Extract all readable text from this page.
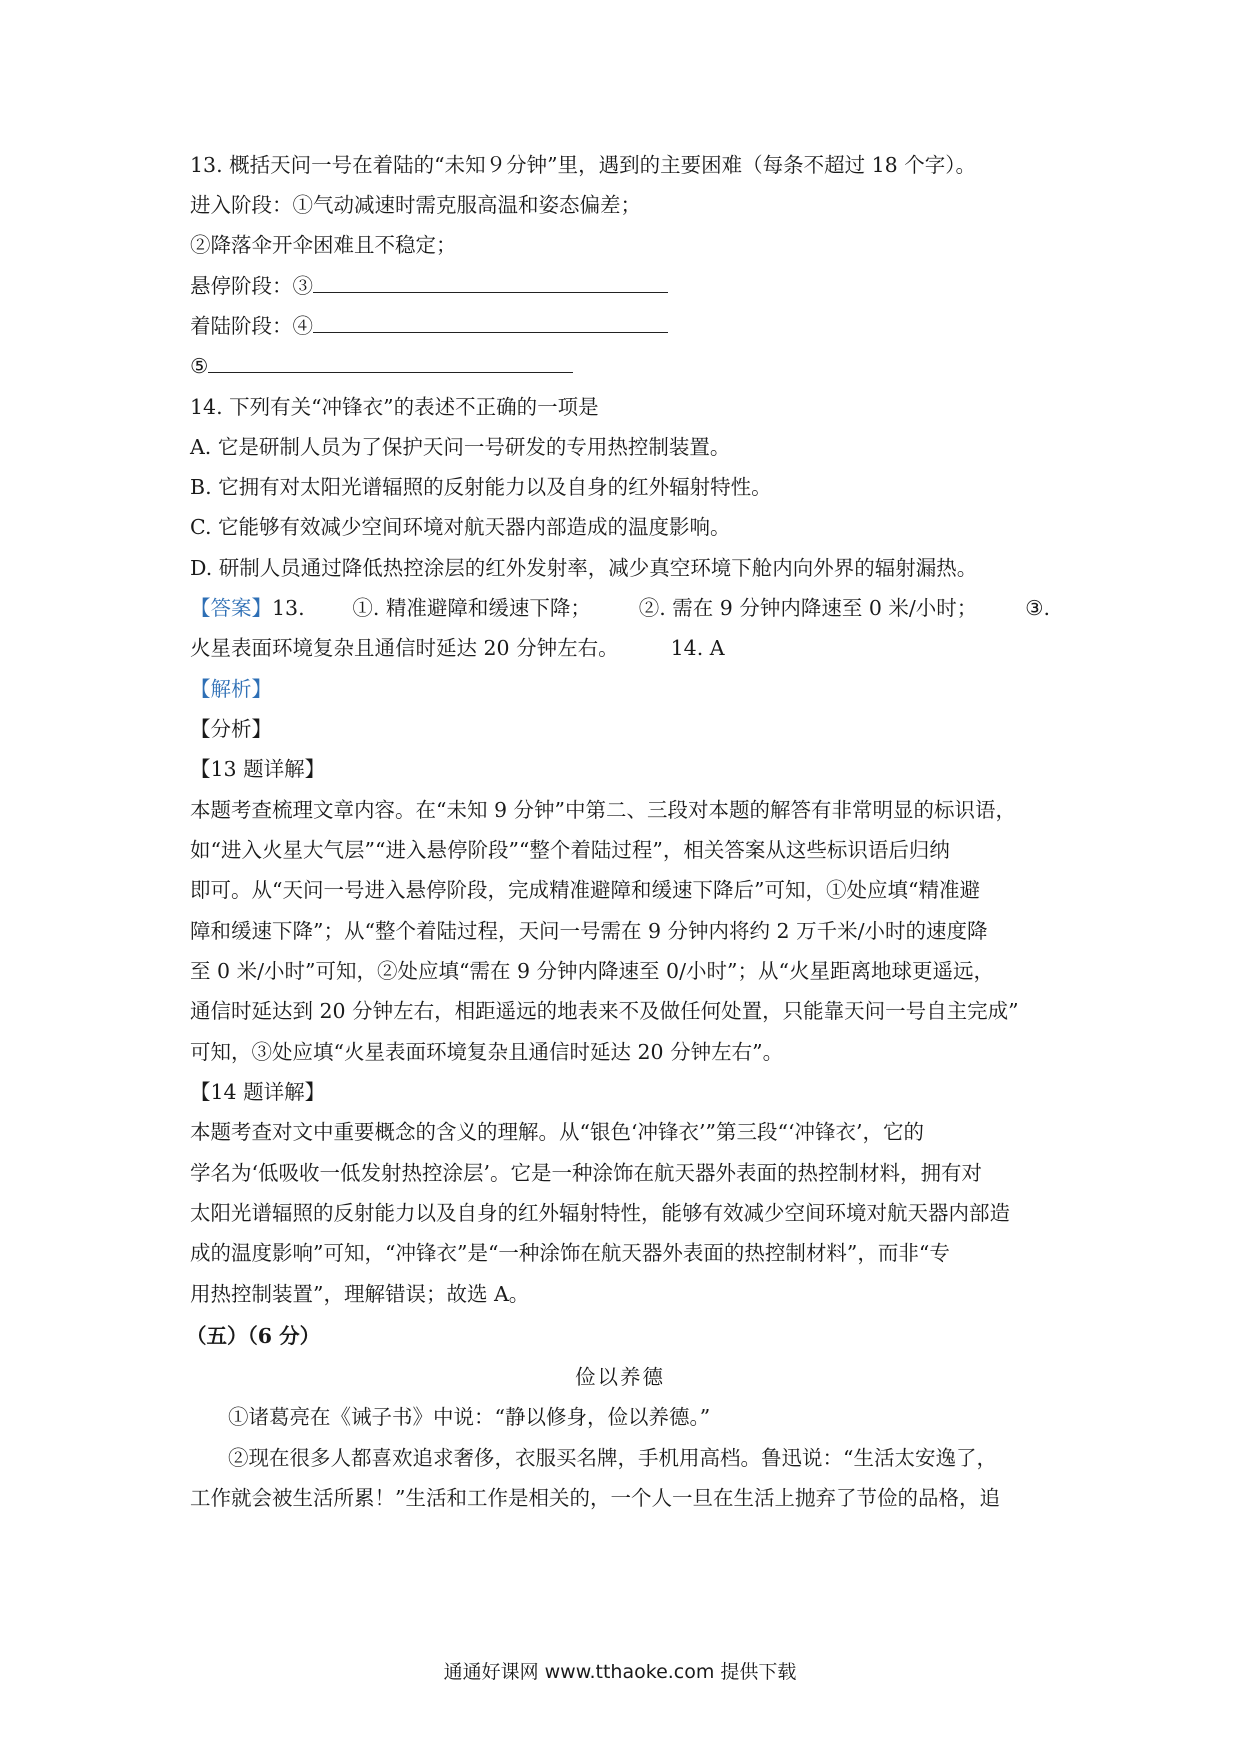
13. 概括天问一号在着陆的“未知９分钟”里，遇到的主要困难（每条不超过 18 个字）。
进入阶段：①气动减速时需克服高温和姿态偏差；
②降落伞开伞困难且不稳定；
悬停阶段：③
着陆阶段：④
⑤
14. 下列有关“冲锋衣”的表述不正确的一项是
A. 它是研制人员为了保护天问一号研发的专用热控制装置。
B. 它拥有对太阳光谱辐照的反射能力以及自身的红外辐射特性。
C. 它能够有效减少空间环境对航天器内部造成的温度影响。
D. 研制人员通过降低热控涂层的红外发射率，减少真空环境下舱内向外界的辐射漏热。
【答案】13. ①. 精准避障和缓速下降； ②. 需在 9 分钟内降速至 0 米/小时； ③.
火星表面环境复杂且通信时延达 20 分钟左右。	14. A
【解析】
【分析】
【13 题详解】
本题考查梳理文章内容。在“未知 9 分钟”中第二、三段对本题的解答有非常明显的标识语，
如“进入火星大气层”“进入悬停阶段”“整个着陆过程”，相关答案从这些标识语后归纳
即可。从“天问一号进入悬停阶段，完成精准避障和缓速下降后”可知，①处应填“精准避
障和缓速下降”；从“整个着陆过程，天问一号需在 9 分钟内将约 2 万千米/小时的速度降
至 0 米/小时”可知，②处应填“需在 9 分钟内降速至 0/小时”；从“火星距离地球更遥远，
通信时延达到 20 分钟左右，相距遥远的地表来不及做任何处置，只能靠天问一号自主完成”
可知，③处应填“火星表面环境复杂且通信时延达 20 分钟左右”。
【14 题详解】
本题考查对文中重要概念的含义的理解。从“银色‘冲锋衣’”第三段“‘冲锋衣’，它的
学名为‘低吸收一低发射热控涂层’。它是一种涂饰在航天器外表面的热控制材料，拥有对
太阳光谱辐照的反射能力以及自身的红外辐射特性，能够有效减少空间环境对航天器内部造
成的温度影响”可知，“冲锋衣”是“一种涂饰在航天器外表面的热控制材料”，而非“专
用热控制装置”，理解错误；故选 A。
（五）（6 分）
俭以养德
①诸葛亮在《诫子书》中说：“静以修身，俭以养德。”
②现在很多人都喜欢追求奢侈，衣服买名牌，手机用高档。鲁迅说：“生活太安逸了，
工作就会被生活所累！”生活和工作是相关的，一个人一旦在生活上抛弃了节俭的品格，追
通通好课网 www.tthaoke.com 提供下载
